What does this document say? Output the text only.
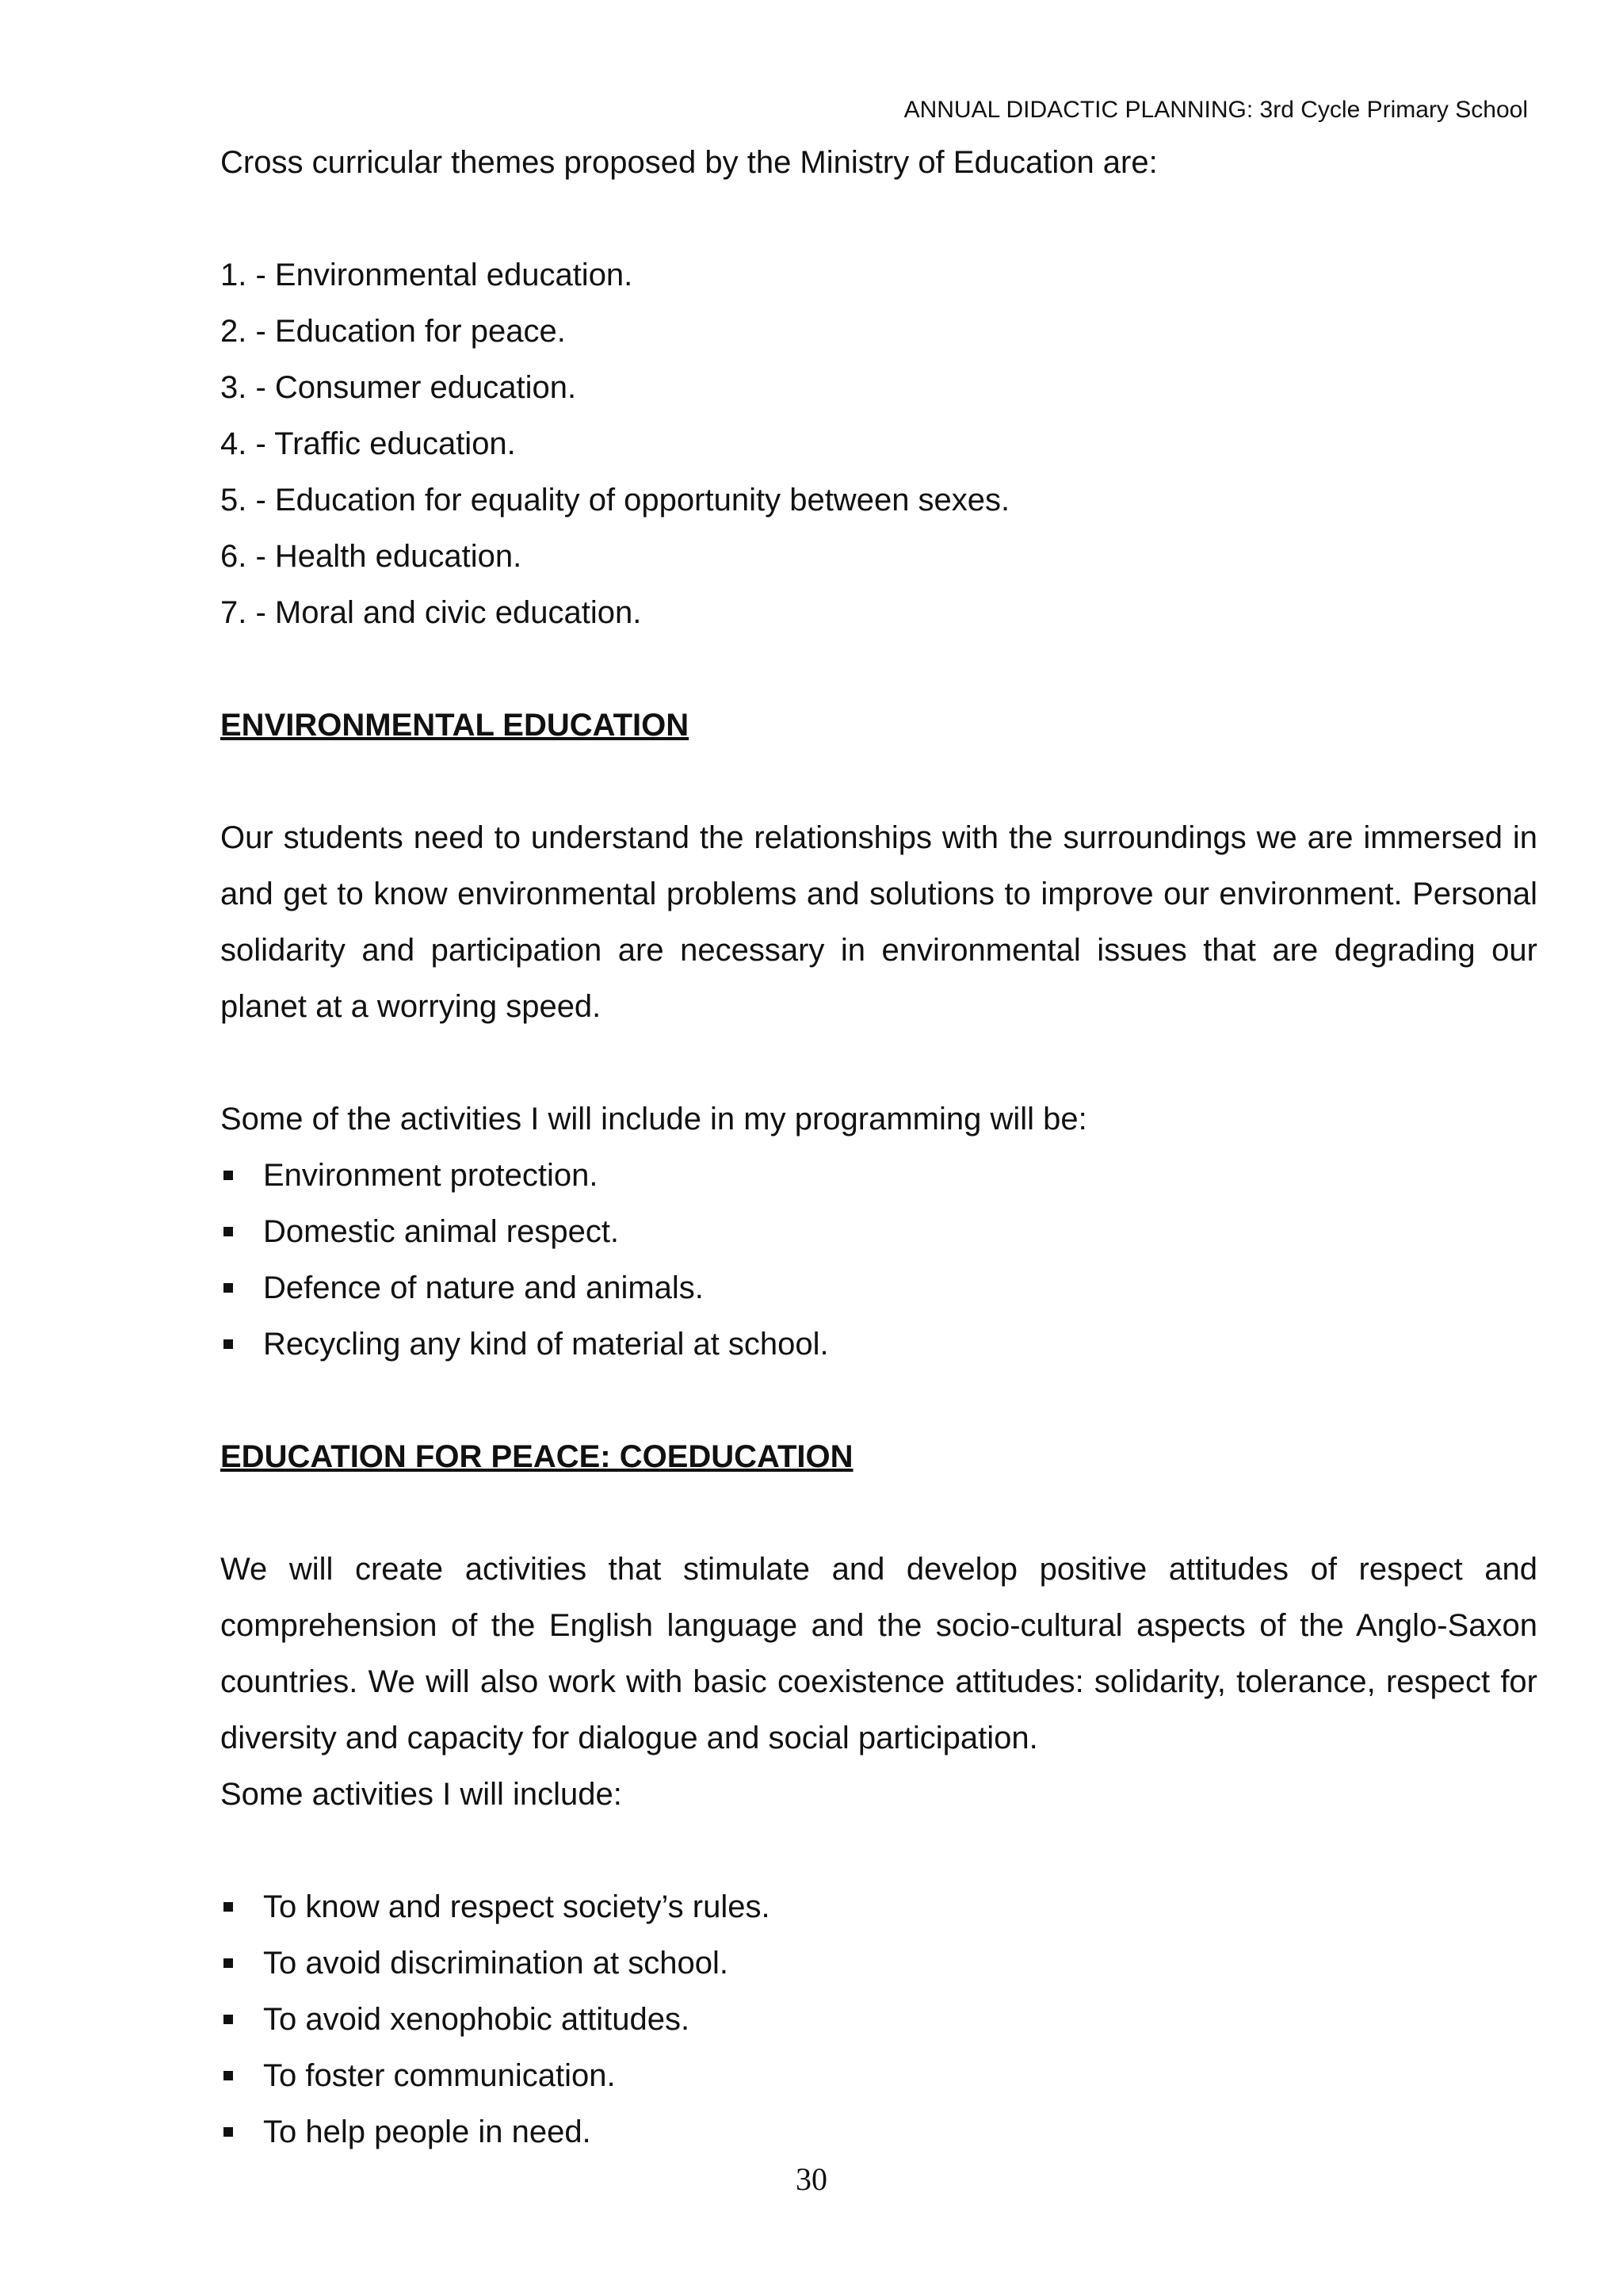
ANNUAL DIDACTIC PLANNING: 3rd Cycle Primary School

Cross curricular themes proposed by the Ministry of Education are:

1. - Environmental education.
2. - Education for peace.
3. - Consumer education.
4. - Traffic education.
5. - Education for equality of opportunity between sexes.
6. - Health education.
7. - Moral and civic education.

ENVIRONMENTAL EDUCATION

Our students need to understand the relationships with the surroundings we are immersed in and get to know environmental problems and solutions to improve our environment. Personal solidarity and participation are necessary in environmental issues that are degrading our planet at a worrying speed.

Some of the activities I will include in my programming will be:

Environment protection.
Domestic animal respect.
Defence of nature and animals.
Recycling any kind of material at school.

EDUCATION FOR PEACE: COEDUCATION

We will create activities that stimulate and develop positive attitudes of respect and comprehension of the English language and the socio-cultural aspects of the Anglo-Saxon countries. We will also work with basic coexistence attitudes: solidarity, tolerance, respect for diversity and capacity for dialogue and social participation.

Some activities I will include:

To know and respect society’s rules.
To avoid discrimination at school.
To avoid xenophobic attitudes.
To foster communication.
To help people in need.
30
